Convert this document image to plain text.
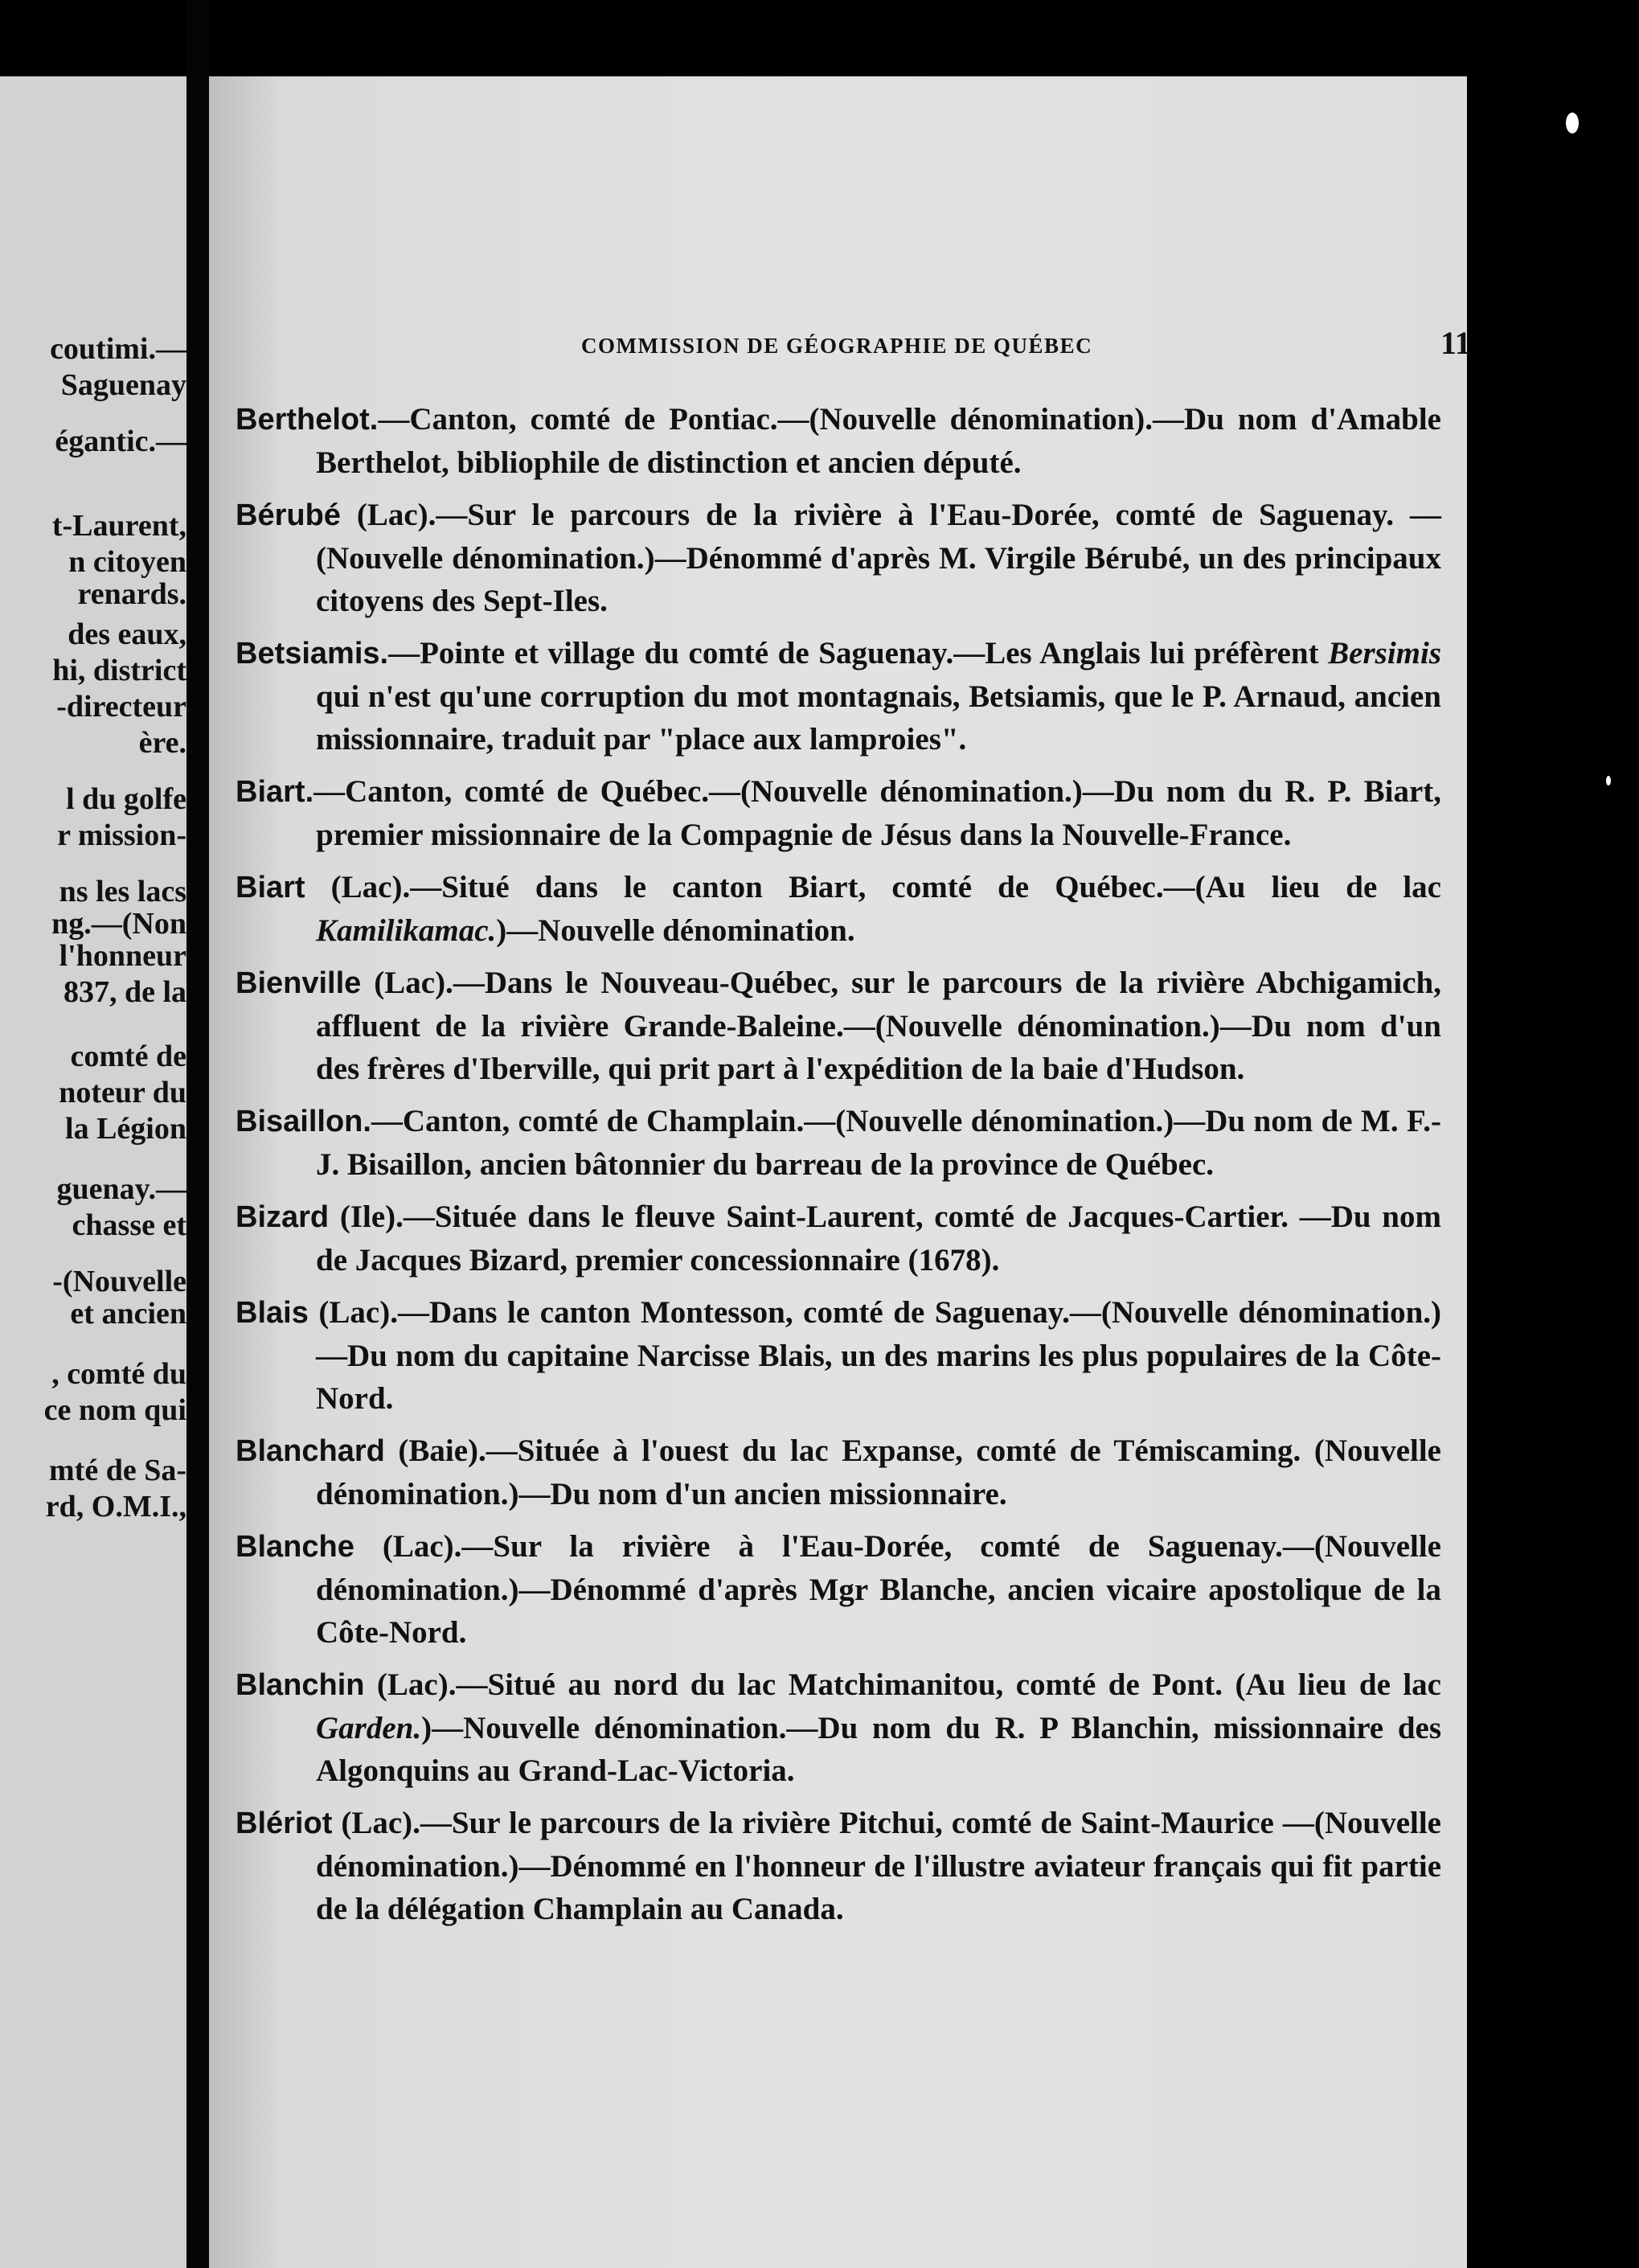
coutimi.—
Saguenay
égantic.—
t-Laurent,
n citoyen
renards.
des eaux,
hi, district
-directeur
ère.
l du golfe
r mission-
ns les lacs
ng.—(Non
l'honneur
837, de la
comté de
noteur du
la Légion
guenay.—
chasse et
-(Nouvelle
et ancien
, comté du
ce nom qui
mté de Sa-
rd, O.M.I.,
COMMISSION DE GÉOGRAPHIE DE QUÉBEC	11

Berthelot.—Canton, comté de Pontiac.—(Nouvelle dénomination).—Du nom d'Amable Berthelot, bibliophile de distinction et ancien député.

Bérubé (Lac).—Sur le parcours de la rivière à l'Eau-Dorée, comté de Saguenay. —(Nouvelle dénomination.)—Dénommé d'après M. Virgile Bérubé, un des principaux citoyens des Sept-Iles.

Betsiamis.—Pointe et village du comté de Saguenay.—Les Anglais lui préfèrent Bersimis qui n'est qu'une corruption du mot montagnais, Betsiamis, que le P. Arnaud, ancien missionnaire, traduit par "place aux lamproies".

Biart.—Canton, comté de Québec.—(Nouvelle dénomination.)—Du nom du R. P. Biart, premier missionnaire de la Compagnie de Jésus dans la Nouvelle-France.

Biart (Lac).—Situé dans le canton Biart, comté de Québec.—(Au lieu de lac Kamilikamac.)—Nouvelle dénomination.

Bienville (Lac).—Dans le Nouveau-Québec, sur le parcours de la rivière Abchigamich, affluent de la rivière Grande-Baleine.—(Nouvelle dénomination.)—Du nom d'un des frères d'Iberville, qui prit part à l'expédition de la baie d'Hudson.

Bisaillon.—Canton, comté de Champlain.—(Nouvelle dénomination.)—Du nom de M. F.-J. Bisaillon, ancien bâtonnier du barreau de la province de Québec.

Bizard (Ile).—Située dans le fleuve Saint-Laurent, comté de Jacques-Cartier. —Du nom de Jacques Bizard, premier concessionnaire (1678).

Blais (Lac).—Dans le canton Montesson, comté de Saguenay.—(Nouvelle dénomination.)—Du nom du capitaine Narcisse Blais, un des marins les plus populaires de la Côte-Nord.

Blanchard (Baie).—Située à l'ouest du lac Expanse, comté de Témiscaming. (Nouvelle dénomination.)—Du nom d'un ancien missionnaire.

Blanche (Lac).—Sur la rivière à l'Eau-Dorée, comté de Saguenay.—(Nouvelle dénomination.)—Dénommé d'après Mgr Blanche, ancien vicaire apostolique de la Côte-Nord.

Blanchin (Lac).—Situé au nord du lac Matchimanitou, comté de Pont. (Au lieu de lac Garden.)—Nouvelle dénomination.—Du nom du R. P Blanchin, missionnaire des Algonquins au Grand-Lac-Victoria.

Blériot (Lac).—Sur le parcours de la rivière Pitchui, comté de Saint-Maurice —(Nouvelle dénomination.)—Dénommé en l'honneur de l'illustre aviateur français qui fit partie de la délégation Champlain au Canada.
